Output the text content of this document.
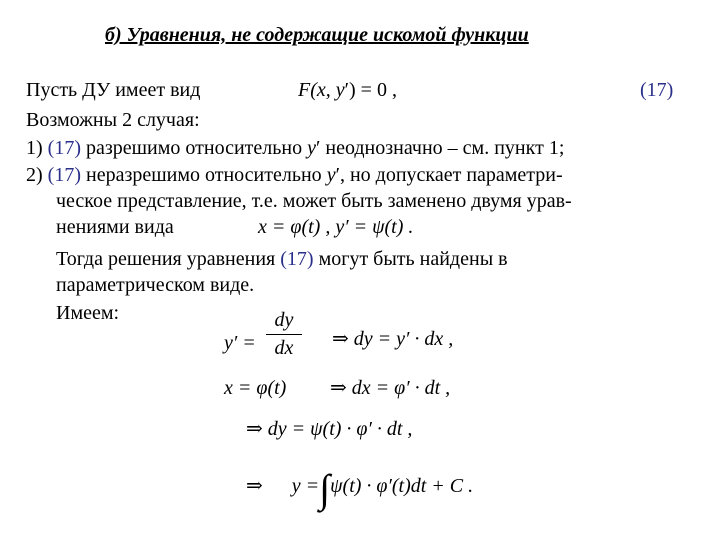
б) Уравнения, не содержащие искомой функции
Пусть ДУ имеет вид	F(x, y′) = 0 ,	(17)
Возможны 2 случая:
1) (17) разрешимо относительно y′ неоднозначно – см. пункт 1;
2) (17) неразрешимо относительно y′, но допускает параметри-
ческое представление, т.е. может быть заменено двумя урав-
нениями вида	x = φ(t) , y′ = ψ(t) .
Тогда решения уравнения (17) могут быть найдены в
параметрическом виде.
Имеем:
y′ =
dy
dx ⇒ dy = y′ · dx ,
x = φ(t) ⇒ dx = φ′ · dt ,
⇒ dy = ψ(t) · φ′ · dt ,
⇒ y =∫ψ(t) · φ′(t)dt + C .
